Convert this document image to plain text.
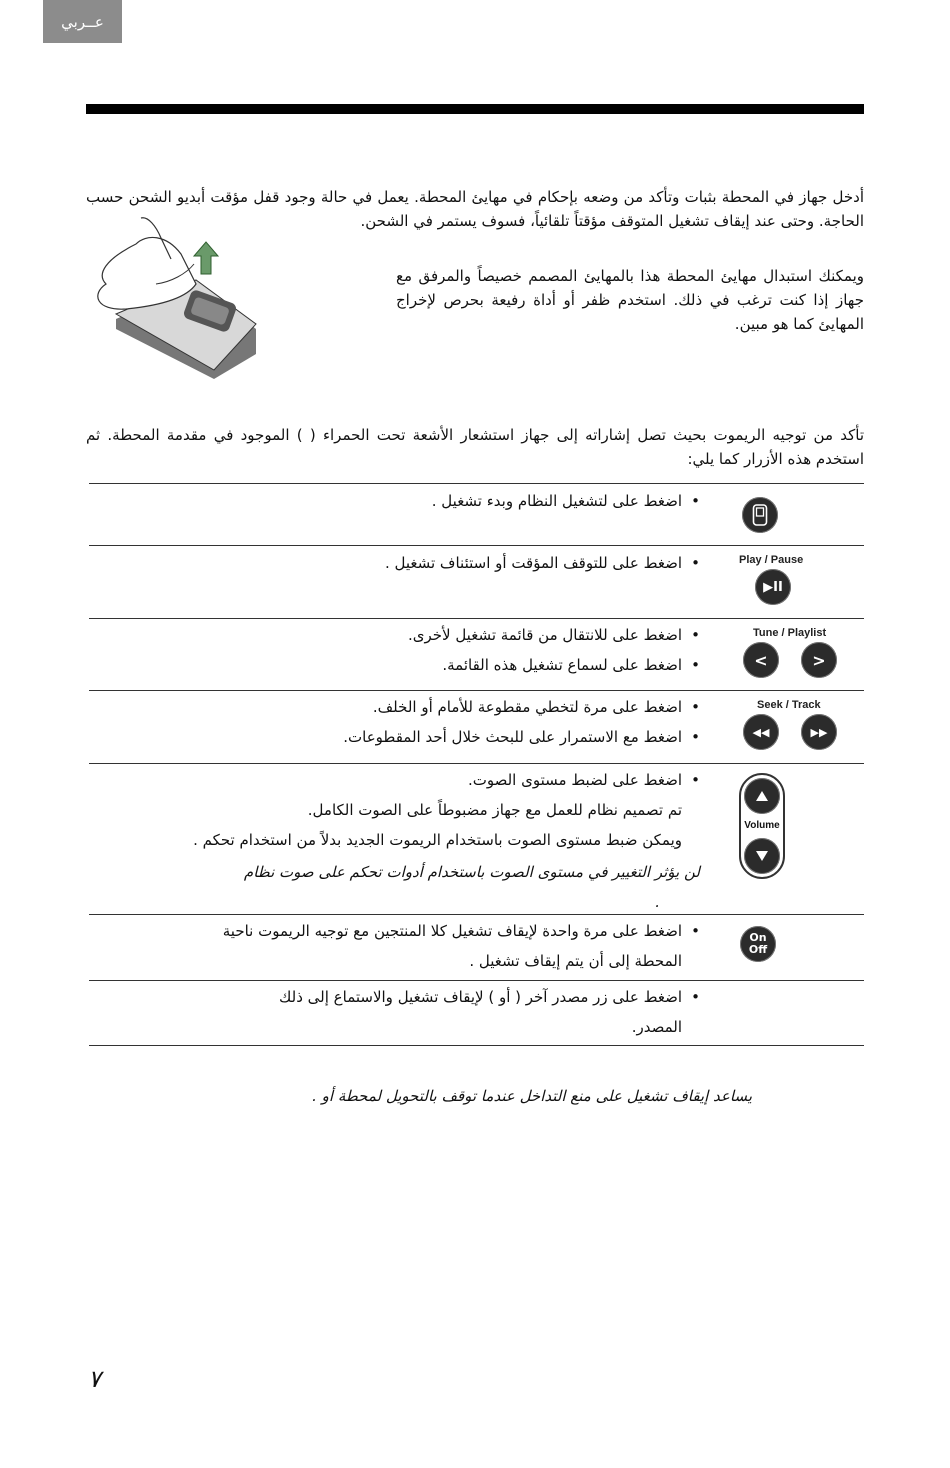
عــربي

أدخل جهاز في المحطة بثبات وتأكد من وضعه بإحكام في مهايئ المحطة. يعمل في حالة وجود قفل مؤقت أبديو الشحن حسب الحاجة. وحتى عند إيقاف تشغيل المتوقف مؤقتاً تلقائياً، فسوف يستمر في الشحن.

ويمكنك استبدال مهايئ المحطة هذا بالمهايئ المصمم خصيصاً والمرفق مع جهاز إذا كنت ترغب في ذلك. استخدم ظفر أو أداة رفيعة بحرص لإخراج المهايئ كما هو مبين.

تأكد من توجيه الريموت بحيث تصل إشاراته إلى جهاز استشعار الأشعة تحت الحمراء ( ) الموجود في مقدمة المحطة. ثم استخدم هذه الأزرار كما يلي:

• اضغط على لتشغيل النظام وبدء تشغيل .
Play / Pause
▶II
• اضغط على للتوقف المؤقت أو استئناف تشغيل .
Tune / Playlist
<	>
• اضغط على للانتقال من قائمة تشغيل لأخرى.
• اضغط على لسماع تشغيل هذه القائمة.
Seek / Track
◀◀	▶▶
• اضغط على مرة لتخطي مقطوعة للأمام أو الخلف.
• اضغط مع الاستمرار على للبحث خلال أحد المقطوعات.
Volume
• اضغط على لضبط مستوى الصوت.
تم تصميم نظام للعمل مع جهاز مضبوطاً على الصوت الكامل.
ويمكن ضبط مستوى الصوت باستخدام الريموت الجديد بدلاً من استخدام تحكم .
لن يؤثر التغيير في مستوى الصوت باستخدام أدوات تحكم على صوت نظام
.
On
Off
• اضغط على مرة واحدة لإيقاف تشغيل كلا المنتجين مع توجيه الريموت ناحية
المحطة إلى أن يتم إيقاف تشغيل .
• اضغط على زر مصدر آخر ( أو ) لإيقاف تشغيل والاستماع إلى ذلك
المصدر.
يساعد إيقاف تشغيل على منع التداخل عندما توقف بالتحويل لمحطة أو .
٧
